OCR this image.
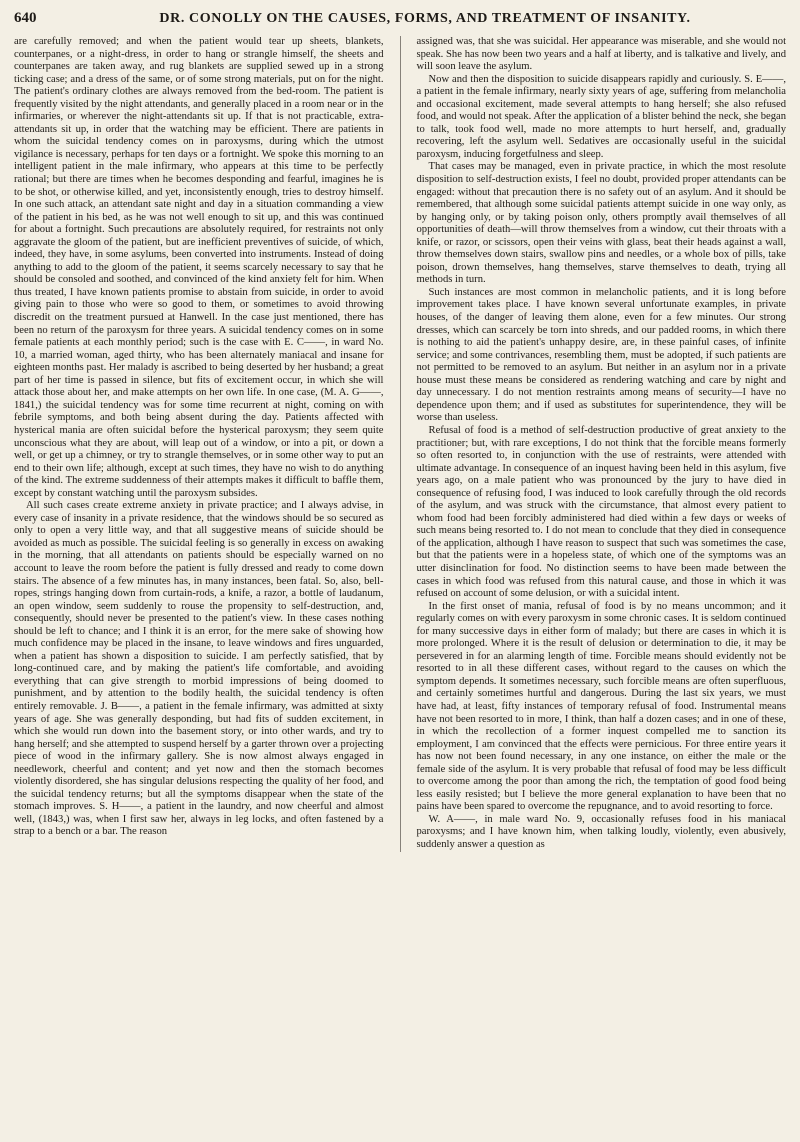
640	DR. CONOLLY ON THE CAUSES, FORMS, AND TREATMENT OF INSANITY.

are carefully removed; and when the patient would tear up sheets, blankets, counterpanes, or a night-dress, in order to hang or strangle himself, the sheets and counterpanes are taken away, and rug blankets are supplied sewed up in a strong ticking case; and a dress of the same, or of some strong materials, put on for the night. The patient's ordinary clothes are always removed from the bed-room. The patient is frequently visited by the night attendants, and generally placed in a room near or in the infirmaries, or wherever the night-attendants sit up. If that is not practicable, extra-attendants sit up, in order that the watching may be efficient. There are patients in whom the suicidal tendency comes on in paroxysms, during which the utmost vigilance is necessary, perhaps for ten days or a fortnight. We spoke this morning to an intelligent patient in the male infirmary, who appears at this time to be perfectly rational; but there are times when he becomes desponding and fearful, imagines he is to be shot, or otherwise killed, and yet, inconsistently enough, tries to destroy himself. In one such attack, an attendant sate night and day in a situation commanding a view of the patient in his bed, as he was not well enough to sit up, and this was continued for about a fortnight. Such precautions are absolutely required, for restraints not only aggravate the gloom of the patient, but are inefficient preventives of suicide, of which, indeed, they have, in some asylums, been converted into instruments. Instead of doing anything to add to the gloom of the patient, it seems scarcely necessary to say that he should be consoled and soothed, and convinced of the kind anxiety felt for him. When thus treated, I have known patients promise to abstain from suicide, in order to avoid giving pain to those who were so good to them, or sometimes to avoid throwing discredit on the treatment pursued at Hanwell. In the case just mentioned, there has been no return of the paroxysm for three years. A suicidal tendency comes on in some female patients at each monthly period; such is the case with E. C——, in ward No. 10, a married woman, aged thirty, who has been alternately maniacal and insane for eighteen months past. Her malady is ascribed to being deserted by her husband; a great part of her time is passed in silence, but fits of excitement occur, in which she will attack those about her, and make attempts on her own life. In one case, (M. A. G——, 1841,) the suicidal tendency was for some time recurrent at night, coming on with febrile symptoms, and both being absent during the day. Patients affected with hysterical mania are often suicidal before the hysterical paroxysm; they seem quite unconscious what they are about, will leap out of a window, or into a pit, or down a well, or get up a chimney, or try to strangle themselves, or in some other way to put an end to their own life; although, except at such times, they have no wish to do anything of the kind. The extreme suddenness of their attempts makes it difficult to baffle them, except by constant watching until the paroxysm subsides.

All such cases create extreme anxiety in private practice; and I always advise, in every case of insanity in a private residence, that the windows should be so secured as only to open a very little way, and that all suggestive means of suicide should be avoided as much as possible. The suicidal feeling is so generally in excess on awaking in the morning, that all attendants on patients should be especially warned on no account to leave the room before the patient is fully dressed and ready to come down stairs. The absence of a few minutes has, in many instances, been fatal. So, also, bell-ropes, strings hanging down from curtain-rods, a knife, a razor, a bottle of laudanum, an open window, seem suddenly to rouse the propensity to self-destruction, and, consequently, should never be presented to the patient's view. In these cases nothing should be left to chance; and I think it is an error, for the mere sake of showing how much confidence may be placed in the insane, to leave windows and fires unguarded, when a patient has shown a disposition to suicide. I am perfectly satisfied, that by long-continued care, and by making the patient's life comfortable, and avoiding everything that can give strength to morbid impressions of being doomed to punishment, and by attention to the bodily health, the suicidal tendency is often entirely removable. J. B——, a patient in the female infirmary, was admitted at sixty years of age. She was generally desponding, but had fits of sudden excitement, in which she would run down into the basement story, or into other wards, and try to hang herself; and she attempted to suspend herself by a garter thrown over a projecting piece of wood in the infirmary gallery. She is now almost always engaged in needlework, cheerful and content; and yet now and then the stomach becomes violently disordered, she has singular delusions respecting the quality of her food, and the suicidal tendency returns; but all the symptoms disappear when the state of the stomach improves. S. H——, a patient in the laundry, and now cheerful and almost well, (1843,) was, when I first saw her, always in leg locks, and often fastened by a strap to a bench or a bar. The reason

assigned was, that she was suicidal. Her appearance was miserable, and she would not speak. She has now been two years and a half at liberty, and is talkative and lively, and will soon leave the asylum.

Now and then the disposition to suicide disappears rapidly and curiously. S. E——, a patient in the female infirmary, nearly sixty years of age, suffering from melancholia and occasional excitement, made several attempts to hang herself; she also refused food, and would not speak. After the application of a blister behind the neck, she began to talk, took food well, made no more attempts to hurt herself, and, gradually recovering, left the asylum well. Sedatives are occasionally useful in the suicidal paroxysm, inducing forgetfulness and sleep.

That cases may be managed, even in private practice, in which the most resolute disposition to self-destruction exists, I feel no doubt, provided proper attendants can be engaged: without that precaution there is no safety out of an asylum. And it should be remembered, that although some suicidal patients attempt suicide in one way only, as by hanging only, or by taking poison only, others promptly avail themselves of all opportunities of death—will throw themselves from a window, cut their throats with a knife, or razor, or scissors, open their veins with glass, beat their heads against a wall, throw themselves down stairs, swallow pins and needles, or a whole box of pills, take poison, drown themselves, hang themselves, starve themselves to death, trying all methods in turn.

Such instances are most common in melancholic patients, and it is long before improvement takes place. I have known several unfortunate examples, in private houses, of the danger of leaving them alone, even for a few minutes. Our strong dresses, which can scarcely be torn into shreds, and our padded rooms, in which there is nothing to aid the patient's unhappy desire, are, in these painful cases, of infinite service; and some contrivances, resembling them, must be adopted, if such patients are not permitted to be removed to an asylum. But neither in an asylum nor in a private house must these means be considered as rendering watching and care by night and day unnecessary. I do not mention restraints among means of security—I have no dependence upon them; and if used as substitutes for superintendence, they will be worse than useless.

Refusal of food is a method of self-destruction productive of great anxiety to the practitioner; but, with rare exceptions, I do not think that the forcible means formerly so often resorted to, in conjunction with the use of restraints, were attended with ultimate advantage. In consequence of an inquest having been held in this asylum, five years ago, on a male patient who was pronounced by the jury to have died in consequence of refusing food, I was induced to look carefully through the old records of the asylum, and was struck with the circumstance, that almost every patient to whom food had been forcibly administered had died within a few days or weeks of such means being resorted to. I do not mean to conclude that they died in consequence of the application, although I have reason to suspect that such was sometimes the case, but that the patients were in a hopeless state, of which one of the symptoms was an utter disinclination for food. No distinction seems to have been made between the cases in which food was refused from this natural cause, and those in which it was refused on account of some delusion, or with a suicidal intent.

In the first onset of mania, refusal of food is by no means uncommon; and it regularly comes on with every paroxysm in some chronic cases. It is seldom continued for many successive days in either form of malady; but there are cases in which it is more prolonged. Where it is the result of delusion or determination to die, it may be persevered in for an alarming length of time. Forcible means should evidently not be resorted to in all these different cases, without regard to the causes on which the symptom depends. It sometimes necessary, such forcible means are often superfluous, and certainly sometimes hurtful and dangerous. During the last six years, we must have had, at least, fifty instances of temporary refusal of food. Instrumental means have not been resorted to in more, I think, than half a dozen cases; and in one of these, in which the recollection of a former inquest compelled me to sanction its employment, I am convinced that the effects were pernicious. For three entire years it has now not been found necessary, in any one instance, on either the male or the female side of the asylum. It is very probable that refusal of food may be less difficult to overcome among the poor than among the rich, the temptation of good food being less easily resisted; but I believe the more general explanation to have been that no pains have been spared to overcome the repugnance, and to avoid resorting to force.

W. A——, in male ward No. 9, occasionally refuses food in his maniacal paroxysms; and I have known him, when talking loudly, violently, even abusively, suddenly answer a question as
